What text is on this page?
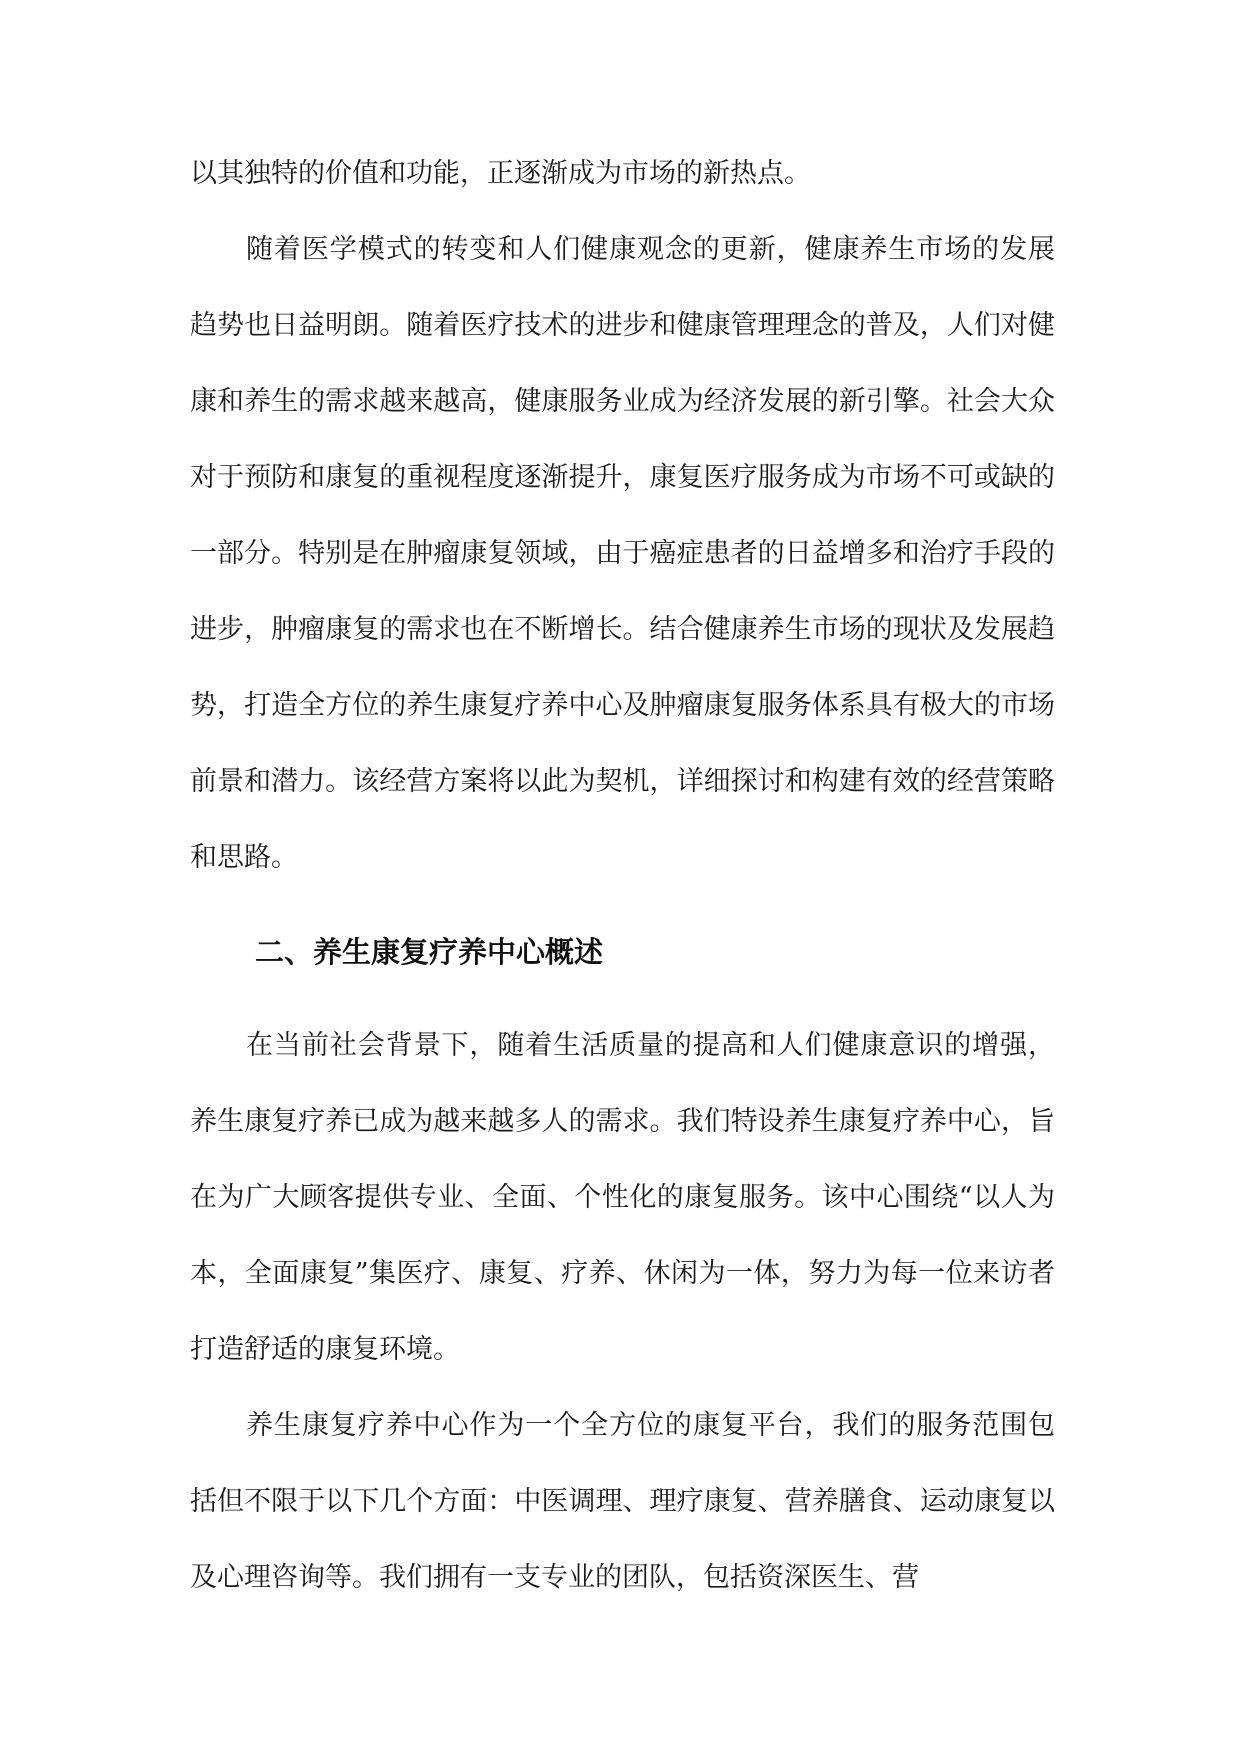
以其独特的价值和功能，正逐渐成为市场的新热点。

随着医学模式的转变和人们健康观念的更新，健康养生市场的发展趋势也日益明朗。随着医疗技术的进步和健康管理理念的普及，人们对健康和养生的需求越来越高，健康服务业成为经济发展的新引擎。社会大众对于预防和康复的重视程度逐渐提升，康复医疗服务成为市场不可或缺的一部分。特别是在肿瘤康复领域，由于癌症患者的日益增多和治疗手段的进步，肿瘤康复的需求也在不断增长。结合健康养生市场的现状及发展趋势，打造全方位的养生康复疗养中心及肿瘤康复服务体系具有极大的市场前景和潜力。该经营方案将以此为契机，详细探讨和构建有效的经营策略和思路。

二、养生康复疗养中心概述

在当前社会背景下，随着生活质量的提高和人们健康意识的增强，养生康复疗养已成为越来越多人的需求。我们特设养生康复疗养中心，旨在为广大顾客提供专业、全面、个性化的康复服务。该中心围绕“以人为本，全面康复”集医疗、康复、疗养、休闲为一体，努力为每一位来访者打造舒适的康复环境。

养生康复疗养中心作为一个全方位的康复平台，我们的服务范围包括但不限于以下几个方面：中医调理、理疗康复、营养膳食、运动康复以及心理咨询等。我们拥有一支专业的团队，包括资深医生、营
